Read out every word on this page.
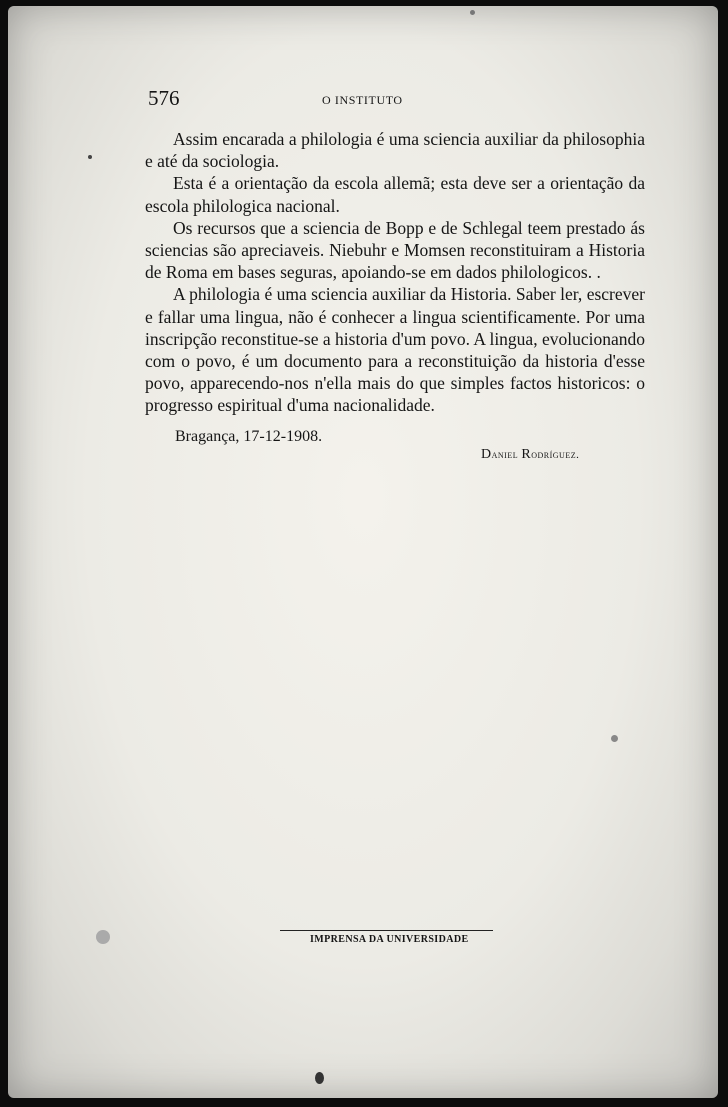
576	O INSTITUTO

Assim encarada a philologia é uma sciencia auxiliar da philosophia e até da sociologia.

Esta é a orientação da escola allemã; esta deve ser a orientação da escola philologica nacional.

Os recursos que a sciencia de Bopp e de Schlegal teem prestado ás sciencias são apreciaveis. Niebuhr e Momsen reconstituiram a Historia de Roma em bases seguras, apoiando-se em dados philologicos. .

A philologia é uma sciencia auxiliar da Historia. Saber ler, escrever e fallar uma lingua, não é conhecer a lingua scientificamente. Por uma inscripção reconstitue-se a historia d'um povo. A lingua, evolucionando com o povo, é um documento para a reconstituição da historia d'esse povo, apparecendo-nos n'ella mais do que simples factos historicos: o progresso espiritual d'uma nacionalidade.

Bragança, 17-12-1908.
Daniel Rodríguez.
IMPRENSA DA UNIVERSIDADE
